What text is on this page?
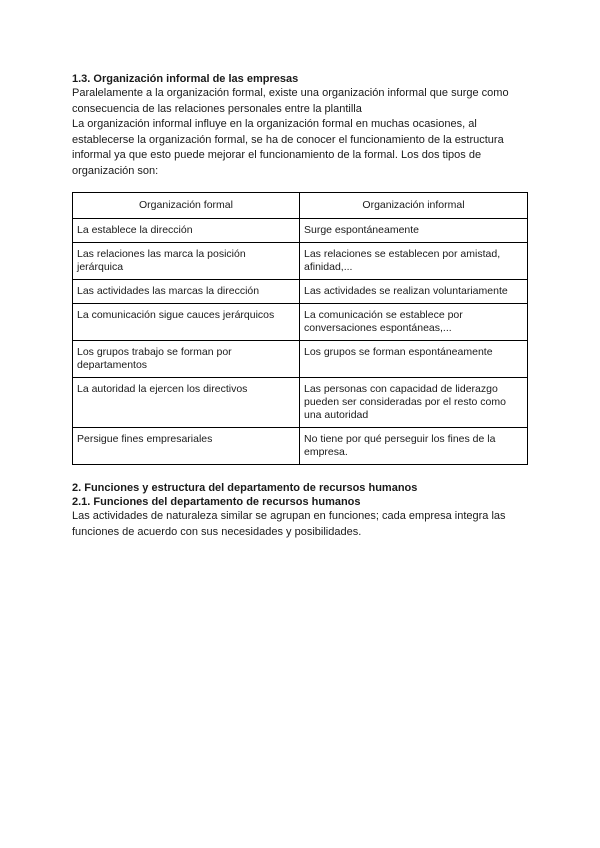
1.3. Organización informal de las empresas

Paralelamente a la organización formal, existe una organización informal que surge como consecuencia de las relaciones personales entre la plantilla

La organización informal influye en la organización formal en muchas ocasiones, al establecerse la organización formal, se ha de conocer el funcionamiento de la estructura informal ya que esto puede mejorar el funcionamiento de la formal. Los dos tipos de organización son:

Organización formal	Organización informal
La establece la dirección	Surge espontáneamente
Las relaciones las marca la posición jerárquica	Las relaciones se establecen por amistad, afinidad,...
Las actividades las marcas la dirección	Las actividades se realizan voluntariamente
La comunicación sigue cauces jerárquicos	La comunicación se establece por conversaciones espontáneas,...
Los grupos trabajo se forman por departamentos	Los grupos se forman espontáneamente
La autoridad la ejercen los directivos	Las personas con capacidad de liderazgo pueden ser consideradas por el resto como una autoridad
Persigue fines empresariales	No tiene por qué perseguir los fines de la empresa.

2. Funciones y estructura del departamento de recursos humanos

2.1. Funciones del departamento de recursos humanos

Las actividades de naturaleza similar se agrupan en funciones; cada empresa integra las funciones de acuerdo con sus necesidades y posibilidades.
